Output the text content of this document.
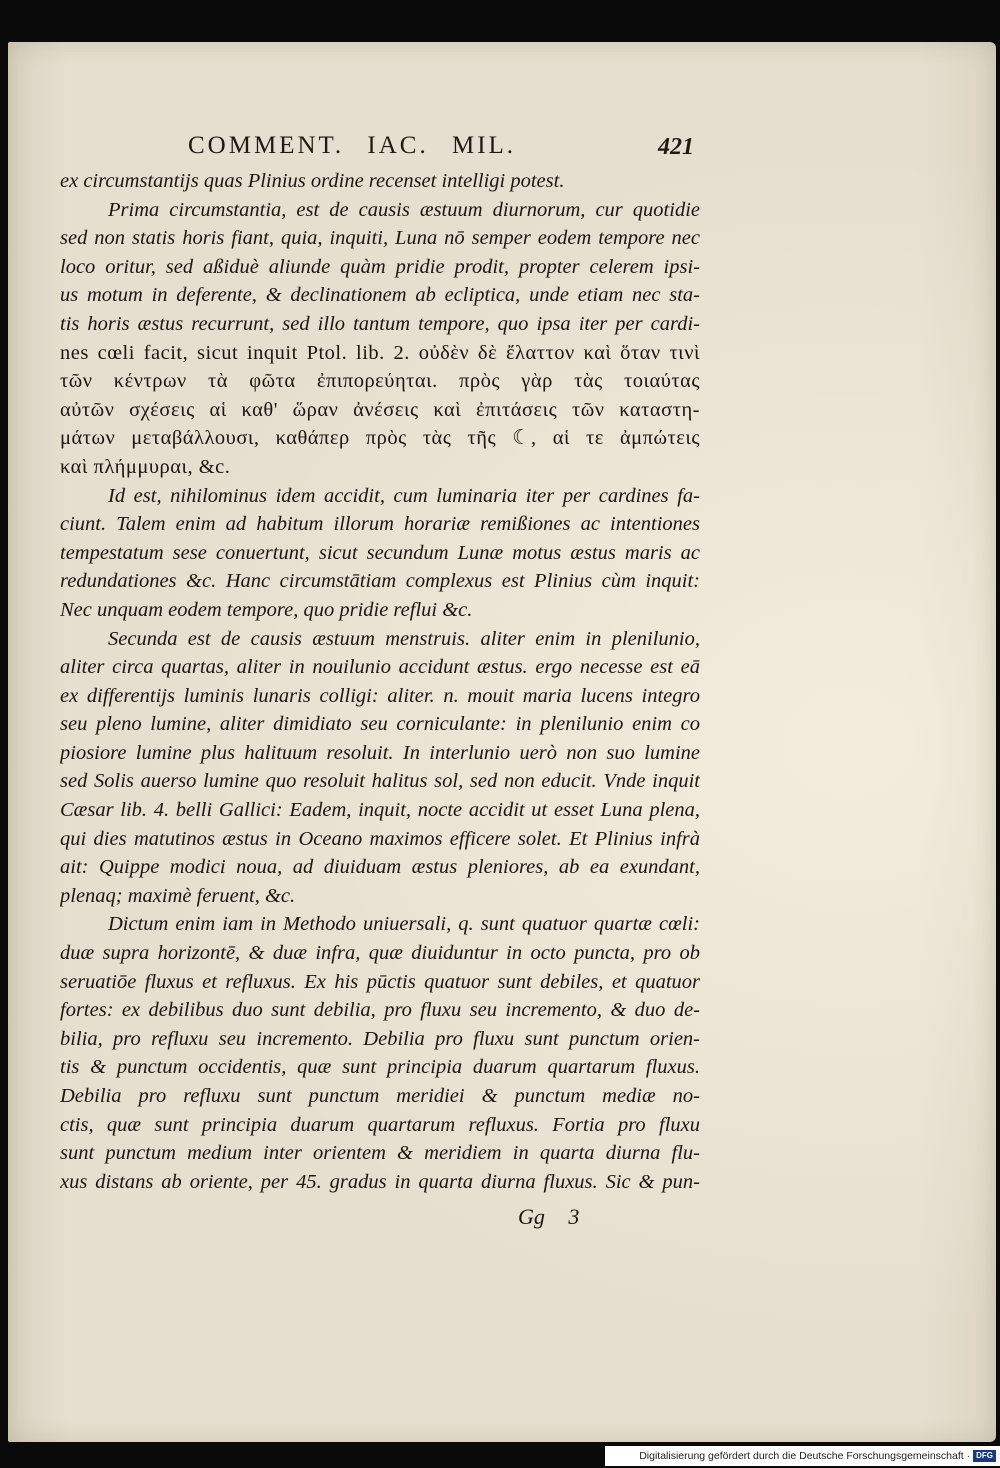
COMMENT. IAC. MIL.	421
ex circumstantijs quas Plinius ordine recenset intelligi potest.
Prima circumstantia, est de causis æstuum diurnorum, cur quotidie
sed non statis horis fiant, quia, inquiti, Luna nō semper eodem tempore nec
loco oritur, sed aßiduè aliunde quàm pridie prodit, propter celerem ipsi-
us motum in deferente, & declinationem ab ecliptica, unde etiam nec sta-
tis horis æstus recurrunt, sed illo tantum tempore, quo ipsa iter per cardi-
nes cœli facit, sicut inquit Ptol. lib. 2. οὐδὲν δὲ ἔλαττον καὶ ὅταν τινὶ
τῶν κέντρων τὰ φῶτα ἐπιπορεύηται. πρὸς γὰρ τὰς τοιαύτας
αὐτῶν σχέσεις αἱ καθ' ὥραν ἀνέσεις καὶ ἐπιτάσεις τῶν καταστη-
μάτων μεταβάλλουσι, καθάπερ πρὸς τὰς τῆς ☾, αἱ τε ἀμπώτεις
καὶ πλήμμυραι, &c.
Id est, nihilominus idem accidit, cum luminaria iter per cardines fa-
ciunt. Talem enim ad habitum illorum horariæ remißiones ac intentiones
tempestatum sese conuertunt, sicut secundum Lunæ motus æstus maris ac
redundationes &c. Hanc circumstātiam complexus est Plinius cùm inquit:
Nec unquam eodem tempore, quo pridie reflui &c.
Secunda est de causis æstuum menstruis. aliter enim in plenilunio,
aliter circa quartas, aliter in nouilunio accidunt æstus. ergo necesse est eā
ex differentijs luminis lunaris colligi: aliter. n. mouit maria lucens integro
seu pleno lumine, aliter dimidiato seu corniculante: in plenilunio enim co
piosiore lumine plus halituum resoluit. In interlunio uerò non suo lumine
sed Solis auerso lumine quo resoluit halitus sol, sed non educit. Vnde inquit
Cæsar lib. 4. belli Gallici: Eadem, inquit, nocte accidit ut esset Luna plena,
qui dies matutinos æstus in Oceano maximos efficere solet. Et Plinius infrà
ait: Quippe modici noua, ad diuiduam æstus pleniores, ab ea exundant,
plenaq; maximè feruent, &c.
Dictum enim iam in Methodo uniuersali, q. sunt quatuor quartæ cœli:
duæ supra horizontē, & duæ infra, quæ diuiduntur in octo puncta, pro ob
seruatiōe fluxus et refluxus. Ex his pūctis quatuor sunt debiles, et quatuor
fortes: ex debilibus duo sunt debilia, pro fluxu seu incremento, & duo de-
bilia, pro refluxu seu incremento. Debilia pro fluxu sunt punctum orien-
tis & punctum occidentis, quæ sunt principia duarum quartarum fluxus.
Debilia pro refluxu sunt punctum meridiei & punctum mediæ no-
ctis, quæ sunt principia duarum quartarum refluxus. Fortia pro fluxu
sunt punctum medium inter orientem & meridiem in quarta diurna flu-
xus distans ab oriente, per 45. gradus in quarta diurna fluxus. Sic & pun-
Gg 3
Digitalisierung gefördert durch die Deutsche Forschungsgemeinschaft · DFG
